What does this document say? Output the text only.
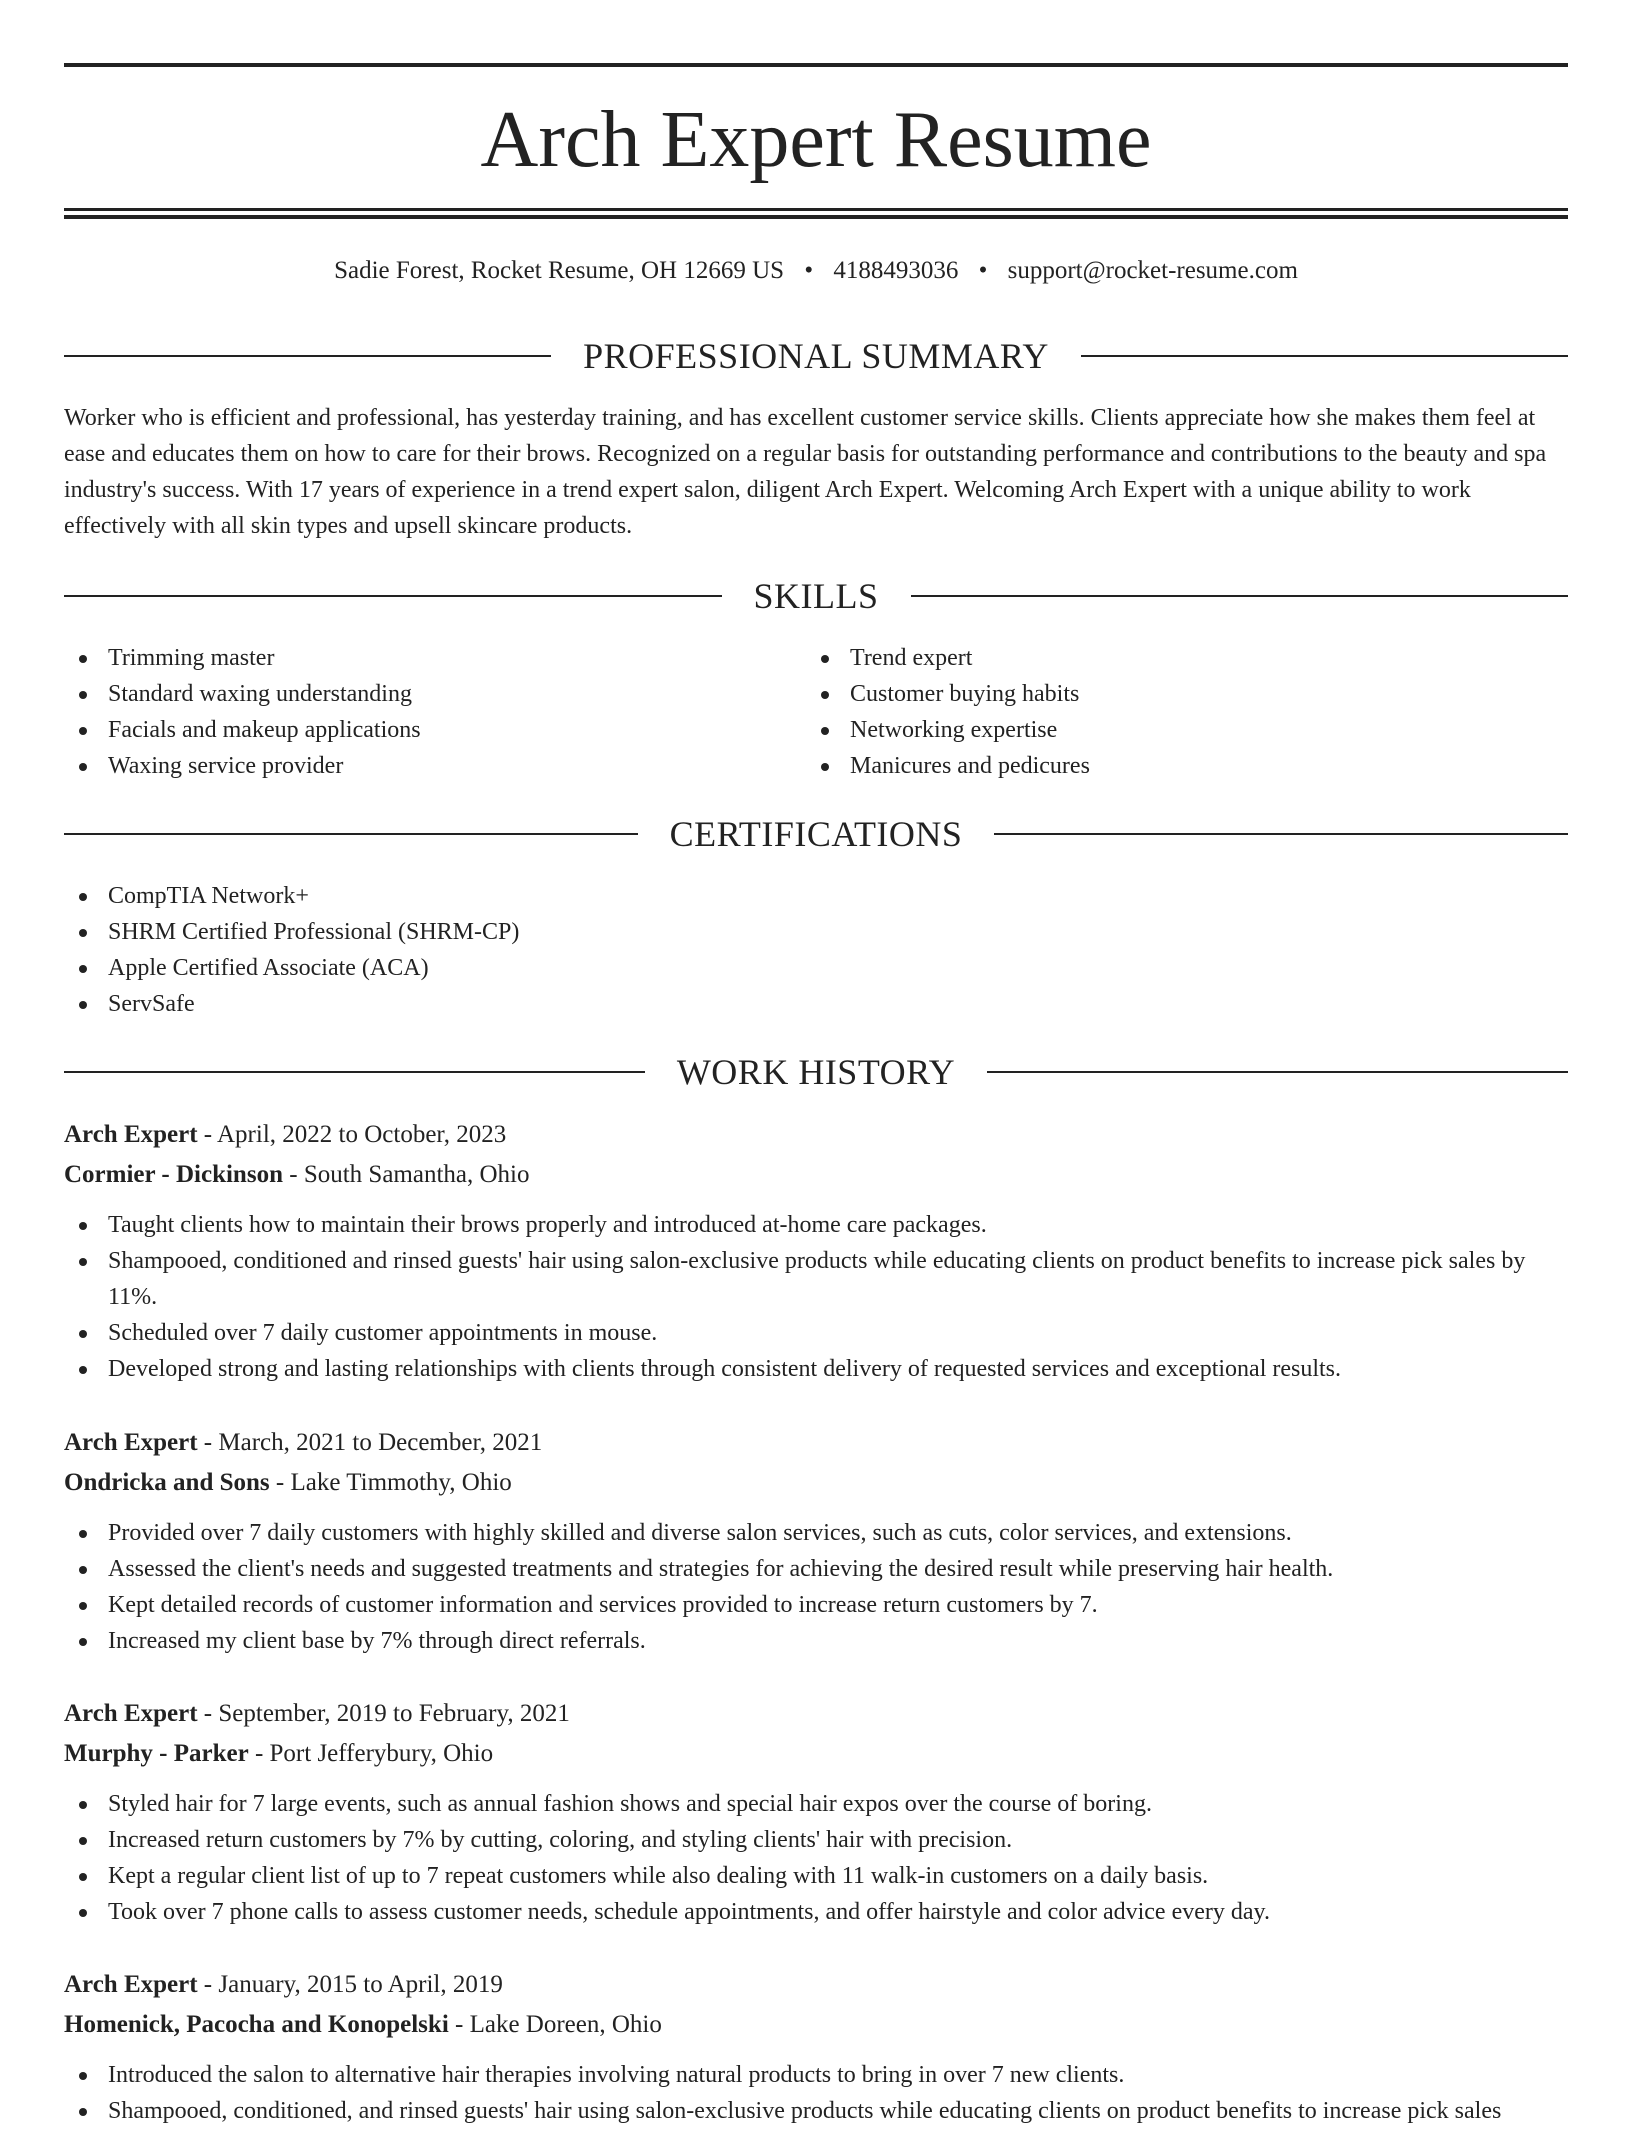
Arch Expert Resume
Sadie Forest, Rocket Resume, OH 12669 US • 4188493036 • support@rocket-resume.com
PROFESSIONAL SUMMARY

Worker who is efficient and professional, has yesterday training, and has excellent customer service skills. Clients appreciate how she makes them feel at ease and educates them on how to care for their brows. Recognized on a regular basis for outstanding performance and contributions to the beauty and spa industry's success. With 17 years of experience in a trend expert salon, diligent Arch Expert. Welcoming Arch Expert with a unique ability to work effectively with all skin types and upsell skincare products.

SKILLS
Trimming master
Standard waxing understanding
Facials and makeup applications
Waxing service provider
Trend expert
Customer buying habits
Networking expertise
Manicures and pedicures
CERTIFICATIONS
CompTIA Network+
SHRM Certified Professional (SHRM-CP)
Apple Certified Associate (ACA)
ServSafe
WORK HISTORY
Arch Expert - April, 2022 to October, 2023
Cormier - Dickinson - South Samantha, Ohio
Taught clients how to maintain their brows properly and introduced at-home care packages.
Shampooed, conditioned and rinsed guests' hair using salon-exclusive products while educating clients on product benefits to increase pick sales by 11%.
Scheduled over 7 daily customer appointments in mouse.
Developed strong and lasting relationships with clients through consistent delivery of requested services and exceptional results.
Arch Expert - March, 2021 to December, 2021
Ondricka and Sons - Lake Timmothy, Ohio
Provided over 7 daily customers with highly skilled and diverse salon services, such as cuts, color services, and extensions.
Assessed the client's needs and suggested treatments and strategies for achieving the desired result while preserving hair health.
Kept detailed records of customer information and services provided to increase return customers by 7.
Increased my client base by 7% through direct referrals.
Arch Expert - September, 2019 to February, 2021
Murphy - Parker - Port Jefferybury, Ohio
Styled hair for 7 large events, such as annual fashion shows and special hair expos over the course of boring.
Increased return customers by 7% by cutting, coloring, and styling clients' hair with precision.
Kept a regular client list of up to 7 repeat customers while also dealing with 11 walk-in customers on a daily basis.
Took over 7 phone calls to assess customer needs, schedule appointments, and offer hairstyle and color advice every day.
Arch Expert - January, 2015 to April, 2019
Homenick, Pacocha and Konopelski - Lake Doreen, Ohio
Introduced the salon to alternative hair therapies involving natural products to bring in over 7 new clients.
Shampooed, conditioned, and rinsed guests' hair using salon-exclusive products while educating clients on product benefits to increase pick sales
